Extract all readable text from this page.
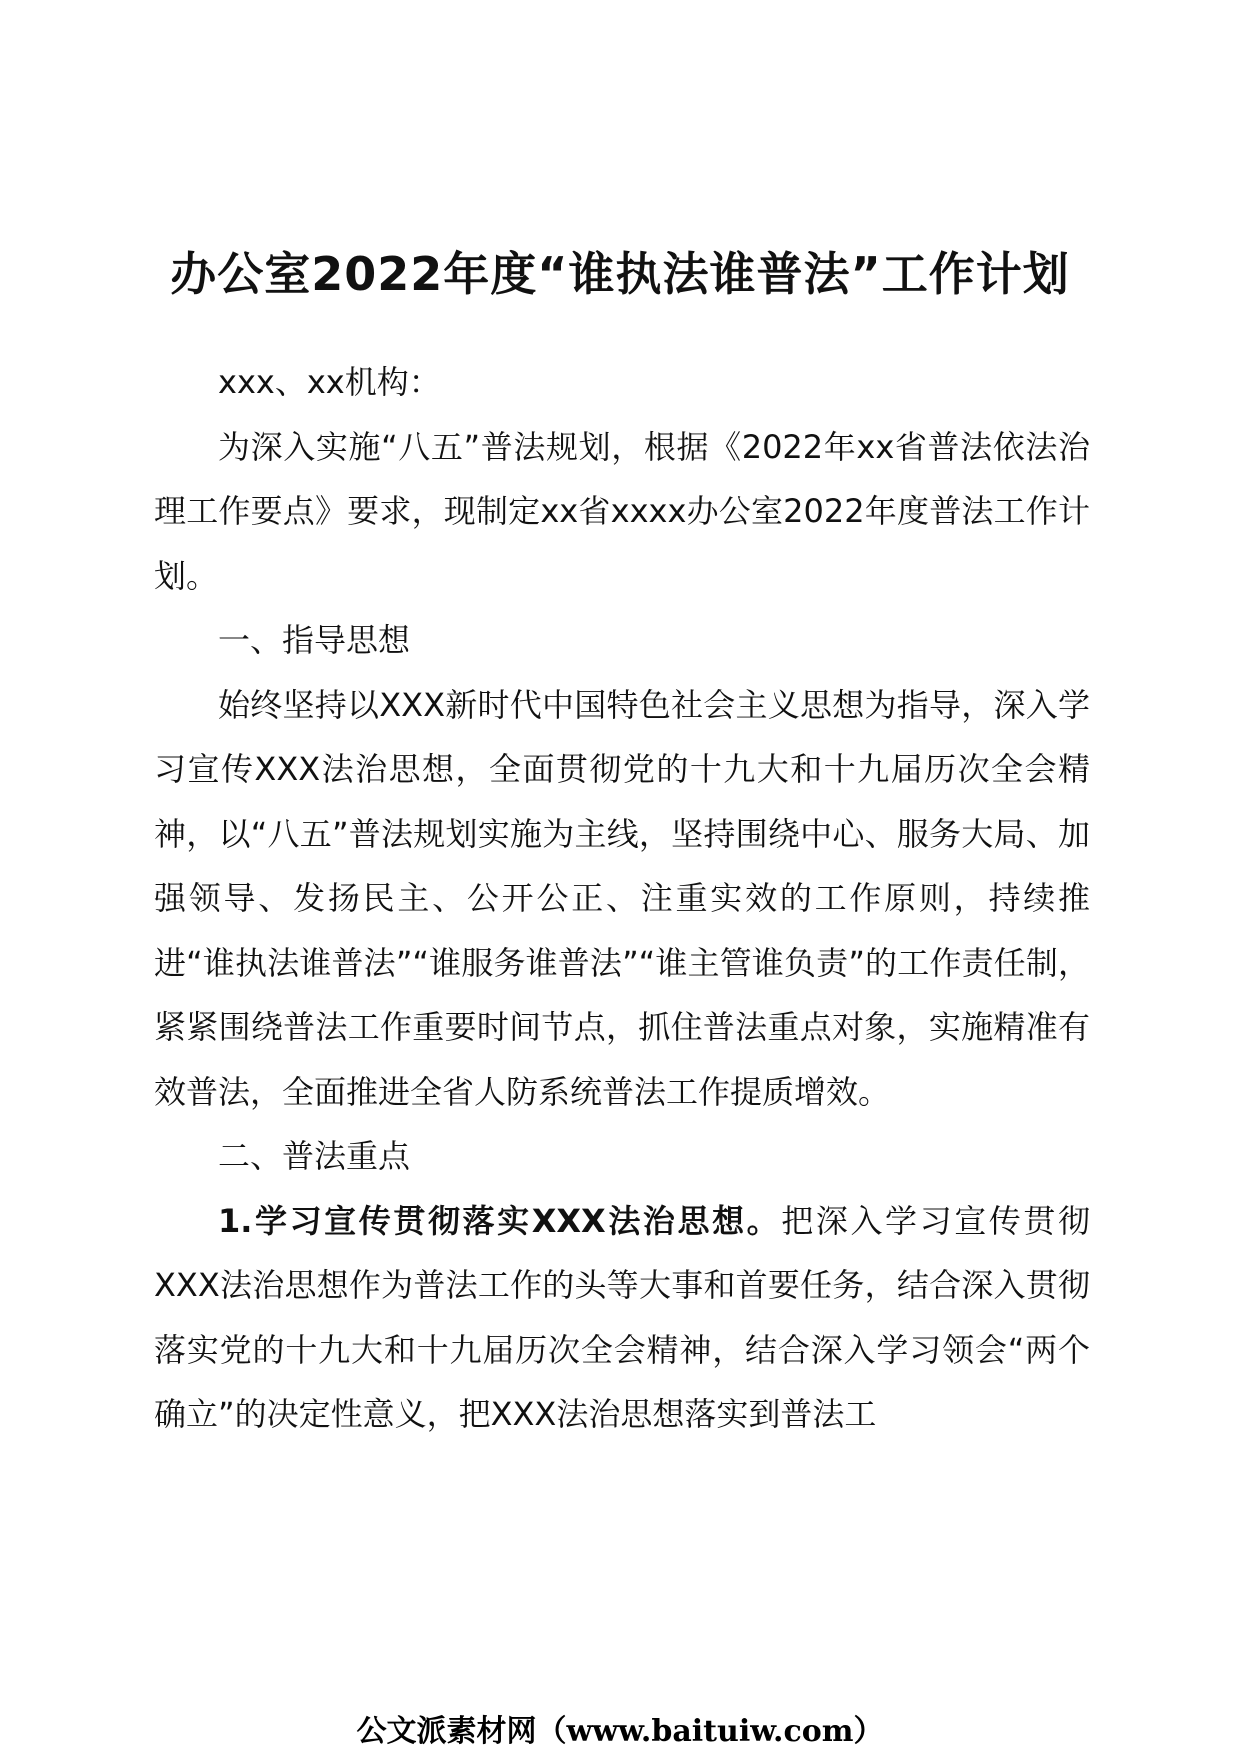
办公室2022年度“谁执法谁普法”工作计划

xxx、xx机构：

为深入实施“八五”普法规划，根据《2022年xx省普法依法治理工作要点》要求，现制定xx省xxxx办公室2022年度普法工作计划。

一、指导思想

始终坚持以XXX新时代中国特色社会主义思想为指导，深入学习宣传XXX法治思想，全面贯彻党的十九大和十九届历次全会精神，以“八五”普法规划实施为主线，坚持围绕中心、服务大局、加强领导、发扬民主、公开公正、注重实效的工作原则，持续推进“谁执法谁普法”“谁服务谁普法”“谁主管谁负责”的工作责任制，紧紧围绕普法工作重要时间节点，抓住普法重点对象，实施精准有效普法，全面推进全省人防系统普法工作提质增效。

二、普法重点

1.学习宣传贯彻落实XXX法治思想。把深入学习宣传贯彻XXX法治思想作为普法工作的头等大事和首要任务，结合深入贯彻落实党的十九大和十九届历次全会精神，结合深入学习领会“两个确立”的决定性意义，把XXX法治思想落实到普法工

公文派素材网（www.baituiw.com）
